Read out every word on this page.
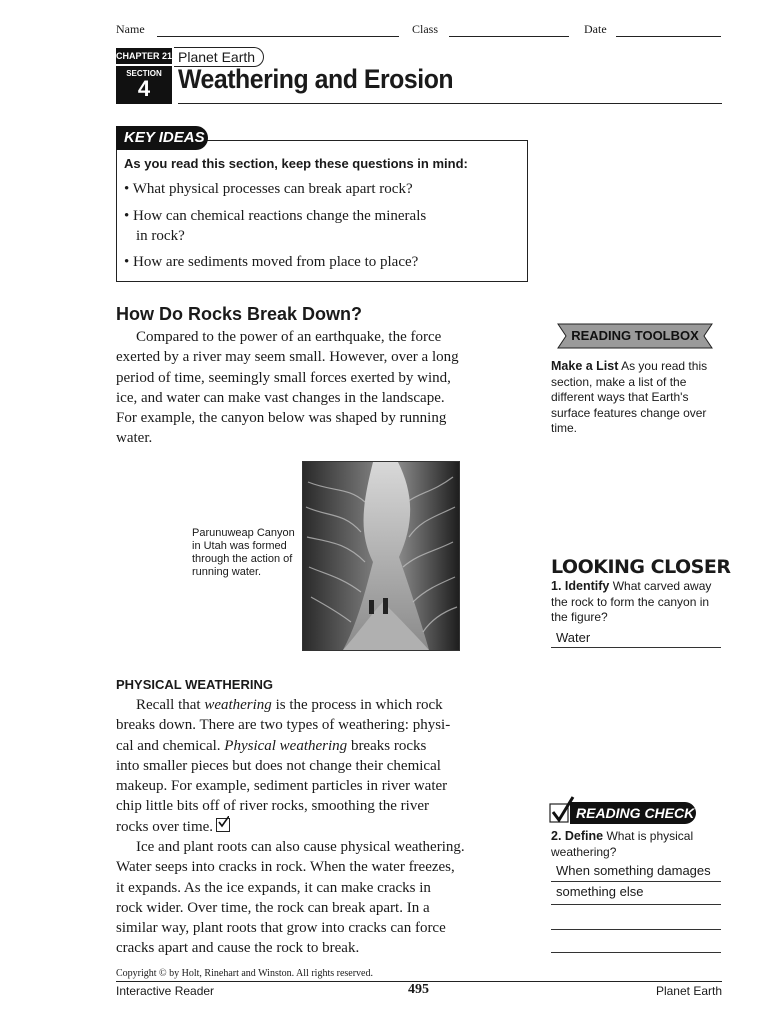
Name	Class	Date
CHAPTER 21 Planet Earth
SECTION
4	Weathering and Erosion
KEY IDEAS
As you read this section, keep these questions in mind:
• What physical processes can break apart rock?
• How can chemical reactions change the minerals
in rock?
• How are sediments moved from place to place?
How Do Rocks Break Down?
Compared to the power of an earthquake, the force
exerted by a river may seem small. However, over a long
period of time, seemingly small forces exerted by wind,
ice, and water can make vast changes in the landscape.
For example, the canyon below was shaped by running
water.
Parunuweap Canyon in Utah was formed through the action of running water.
PHYSICAL WEATHERING
Recall that weathering is the process in which rock
breaks down. There are two types of weathering: physi-
cal and chemical. Physical weathering breaks rocks
into smaller pieces but does not change their chemical
makeup. For example, sediment particles in river water
chip little bits off of river rocks, smoothing the river
rocks over time.
Ice and plant roots can also cause physical weathering.
Water seeps into cracks in rock. When the water freezes,
it expands. As the ice expands, it can make cracks in
rock wider. Over time, the rock can break apart. In a
similar way, plant roots that grow into cracks can force
cracks apart and cause the rock to break.
READING TOOLBOX
Make a List As you read this section, make a list of the different ways that Earth's surface features change over time.
LOOKING CLOSER
1. Identify What carved away the rock to form the canyon in the figure?
Water
READING CHECK
2. Define What is physical weathering?
When something damages
something else
Copyright © by Holt, Rinehart and Winston. All rights reserved.
Interactive Reader	495	Planet Earth
